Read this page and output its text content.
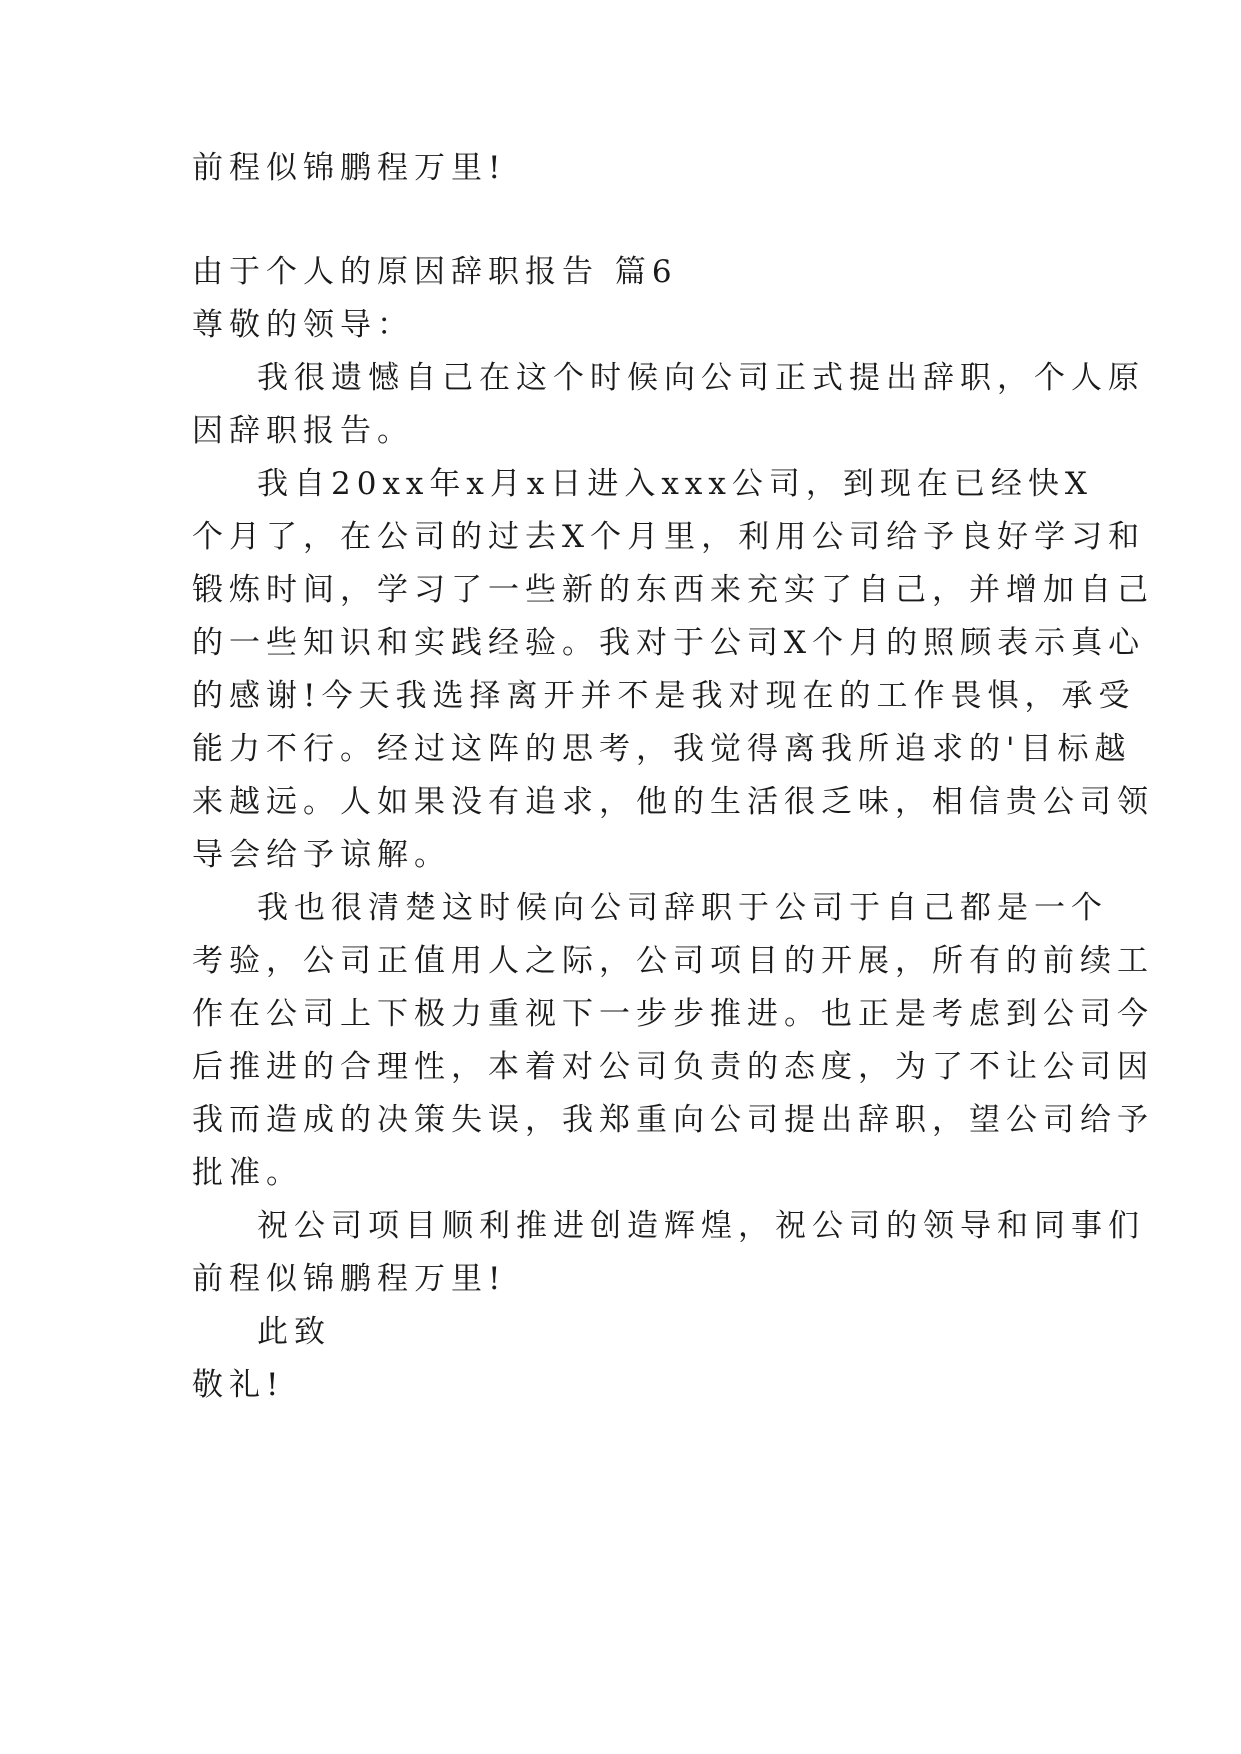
前程似锦鹏程万里!
由于个人的原因辞职报告 篇6
尊敬的领导：
我很遗憾自己在这个时候向公司正式提出辞职，个人原
因辞职报告。
我自20xx年x月x日进入xxx公司，到现在已经快X
个月了，在公司的过去X个月里，利用公司给予良好学习和
锻炼时间，学习了一些新的东西来充实了自己，并增加自己
的一些知识和实践经验。我对于公司X个月的照顾表示真心
的感谢!今天我选择离开并不是我对现在的工作畏惧，承受
能力不行。经过这阵的思考，我觉得离我所追求的'目标越
来越远。人如果没有追求，他的生活很乏味，相信贵公司领
导会给予谅解。
我也很清楚这时候向公司辞职于公司于自己都是一个
考验，公司正值用人之际，公司项目的开展，所有的前续工
作在公司上下极力重视下一步步推进。也正是考虑到公司今
后推进的合理性，本着对公司负责的态度，为了不让公司因
我而造成的决策失误，我郑重向公司提出辞职，望公司给予
批准。
祝公司项目顺利推进创造辉煌，祝公司的领导和同事们
前程似锦鹏程万里!
此致
敬礼!
